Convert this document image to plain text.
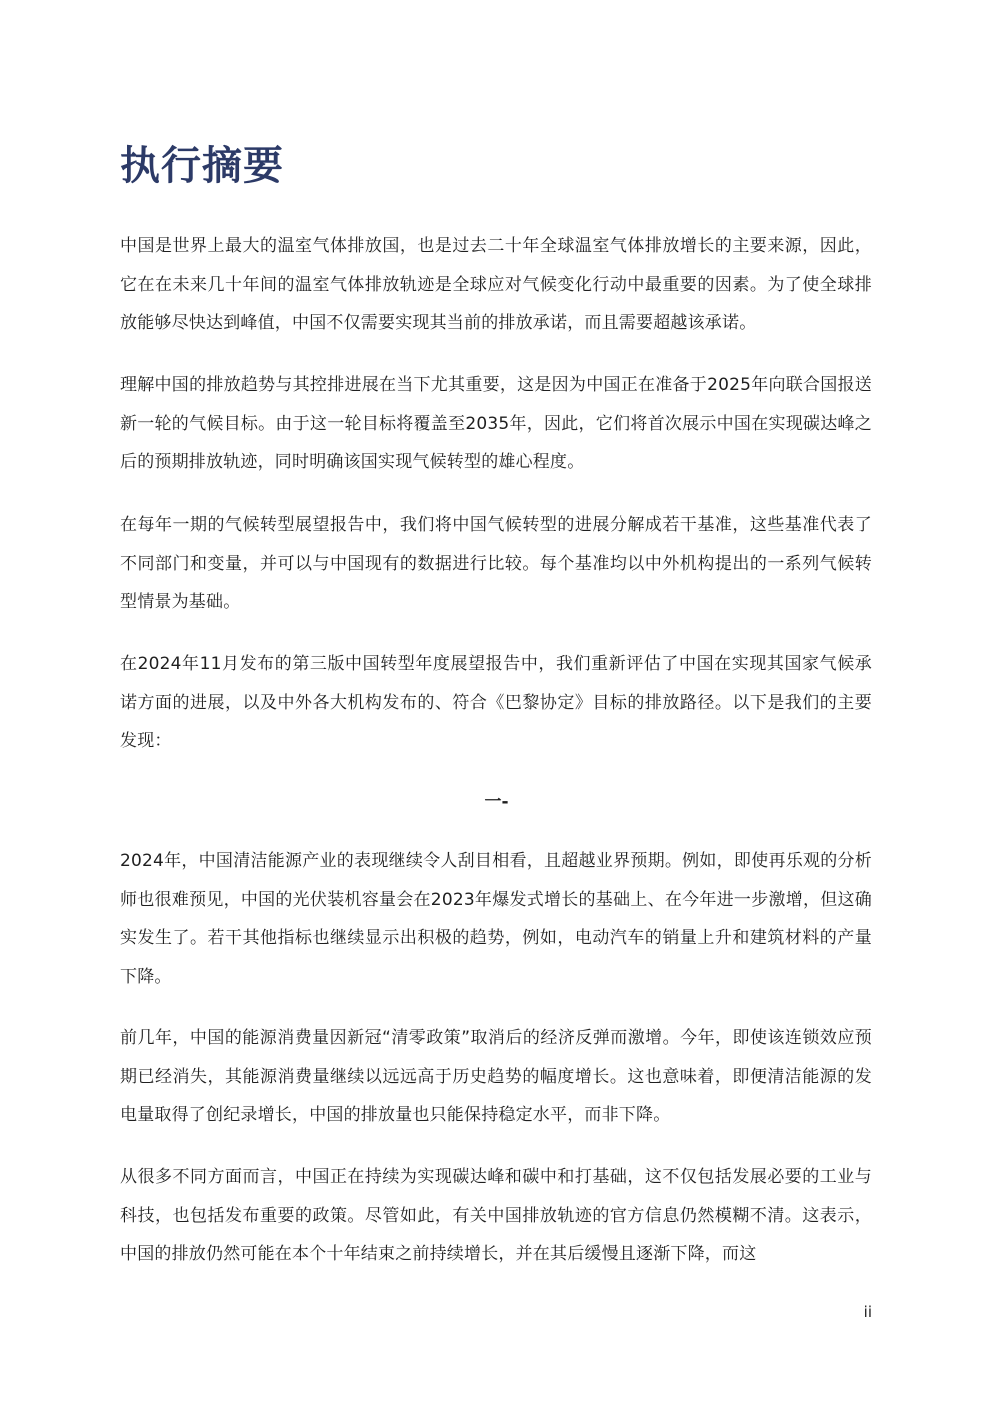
执行摘要

中国是世界上最大的温室气体排放国，也是过去二十年全球温室气体排放增长的主要来源，因此，它在在未来几十年间的温室气体排放轨迹是全球应对气候变化行动中最重要的因素。为了使全球排放能够尽快达到峰值，中国不仅需要实现其当前的排放承诺，而且需要超越该承诺。

理解中国的排放趋势与其控排进展在当下尤其重要，这是因为中国正在准备于2025年向联合国报送新一轮的气候目标。由于这一轮目标将覆盖至2035年，因此，它们将首次展示中国在实现碳达峰之后的预期排放轨迹，同时明确该国实现气候转型的雄心程度。

在每年一期的气候转型展望报告中，我们将中国气候转型的进展分解成若干基准，这些基准代表了不同部门和变量，并可以与中国现有的数据进行比较。每个基准均以中外机构提出的一系列气候转型情景为基础。

在2024年11月发布的第三版中国转型年度展望报告中，我们重新评估了中国在实现其国家气候承诺方面的进展，以及中外各大机构发布的、符合《巴黎协定》目标的排放路径。以下是我们的主要发现：

一-

2024年，中国清洁能源产业的表现继续令人刮目相看，且超越业界预期。例如，即使再乐观的分析师也很难预见，中国的光伏装机容量会在2023年爆发式增长的基础上、在今年进一步激增，但这确实发生了。若干其他指标也继续显示出积极的趋势，例如，电动汽车的销量上升和建筑材料的产量下降。

前几年，中国的能源消费量因新冠“清零政策”取消后的经济反弹而激增。今年，即使该连锁效应预期已经消失，其能源消费量继续以远远高于历史趋势的幅度增长。这也意味着，即便清洁能源的发电量取得了创纪录增长，中国的排放量也只能保持稳定水平，而非下降。

从很多不同方面而言，中国正在持续为实现碳达峰和碳中和打基础，这不仅包括发展必要的工业与科技，也包括发布重要的政策。尽管如此，有关中国排放轨迹的官方信息仍然模糊不清。这表示，中国的排放仍然可能在本个十年结束之前持续增长，并在其后缓慢且逐渐下降，而这

ii
